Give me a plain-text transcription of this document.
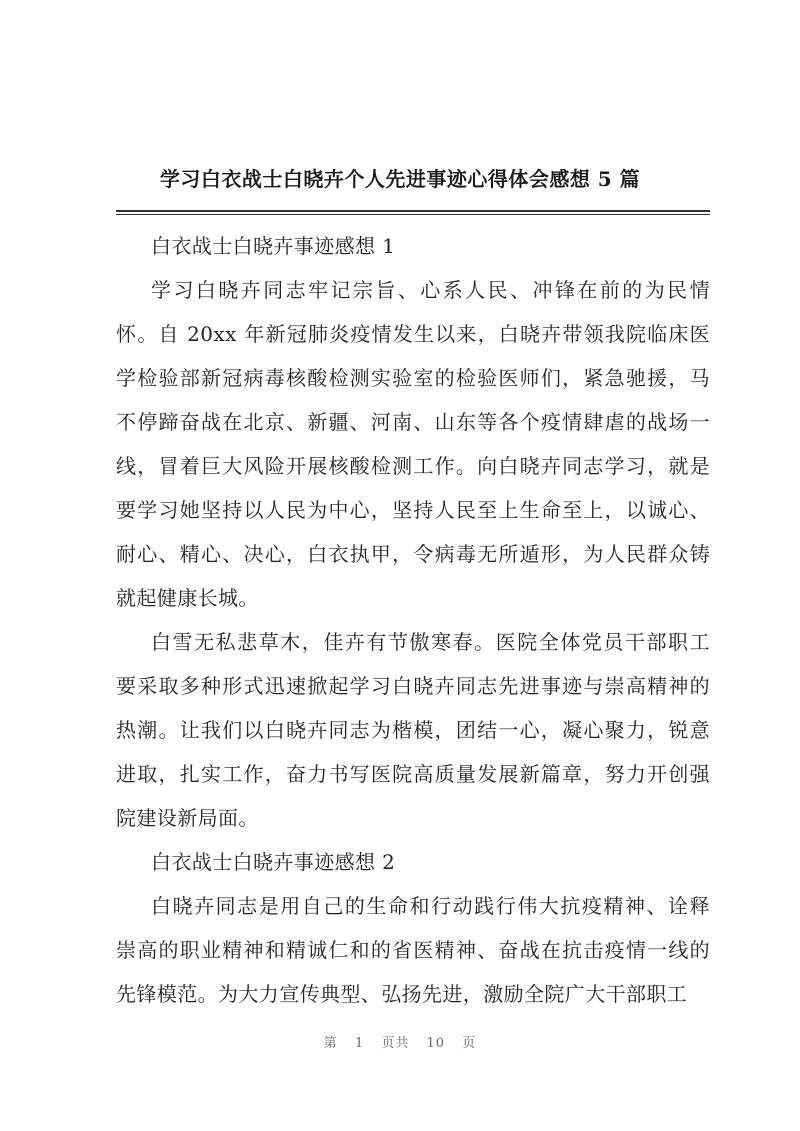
学习白衣战士白晓卉个人先进事迹心得体会感想 5 篇
白衣战士白晓卉事迹感想 1
学习白晓卉同志牢记宗旨、心系人民、冲锋在前的为民情
怀。自 20xx 年新冠肺炎疫情发生以来，白晓卉带领我院临床医
学检验部新冠病毒核酸检测实验室的检验医师们，紧急驰援，马
不停蹄奋战在北京、新疆、河南、山东等各个疫情肆虐的战场一
线，冒着巨大风险开展核酸检测工作。向白晓卉同志学习，就是
要学习她坚持以人民为中心，坚持人民至上生命至上，以诚心、
耐心、精心、决心，白衣执甲，令病毒无所遁形，为人民群众铸
就起健康长城。
白雪无私悲草木，佳卉有节傲寒春。医院全体党员干部职工
要采取多种形式迅速掀起学习白晓卉同志先进事迹与崇高精神的
热潮。让我们以白晓卉同志为楷模，团结一心，凝心聚力，锐意
进取，扎实工作，奋力书写医院高质量发展新篇章，努力开创强
院建设新局面。
白衣战士白晓卉事迹感想 2
白晓卉同志是用自己的生命和行动践行伟大抗疫精神、诠释
崇高的职业精神和精诚仁和的省医精神、奋战在抗击疫情一线的
先锋模范。为大力宣传典型、弘扬先进，激励全院广大干部职工
第 1 页共 10 页
